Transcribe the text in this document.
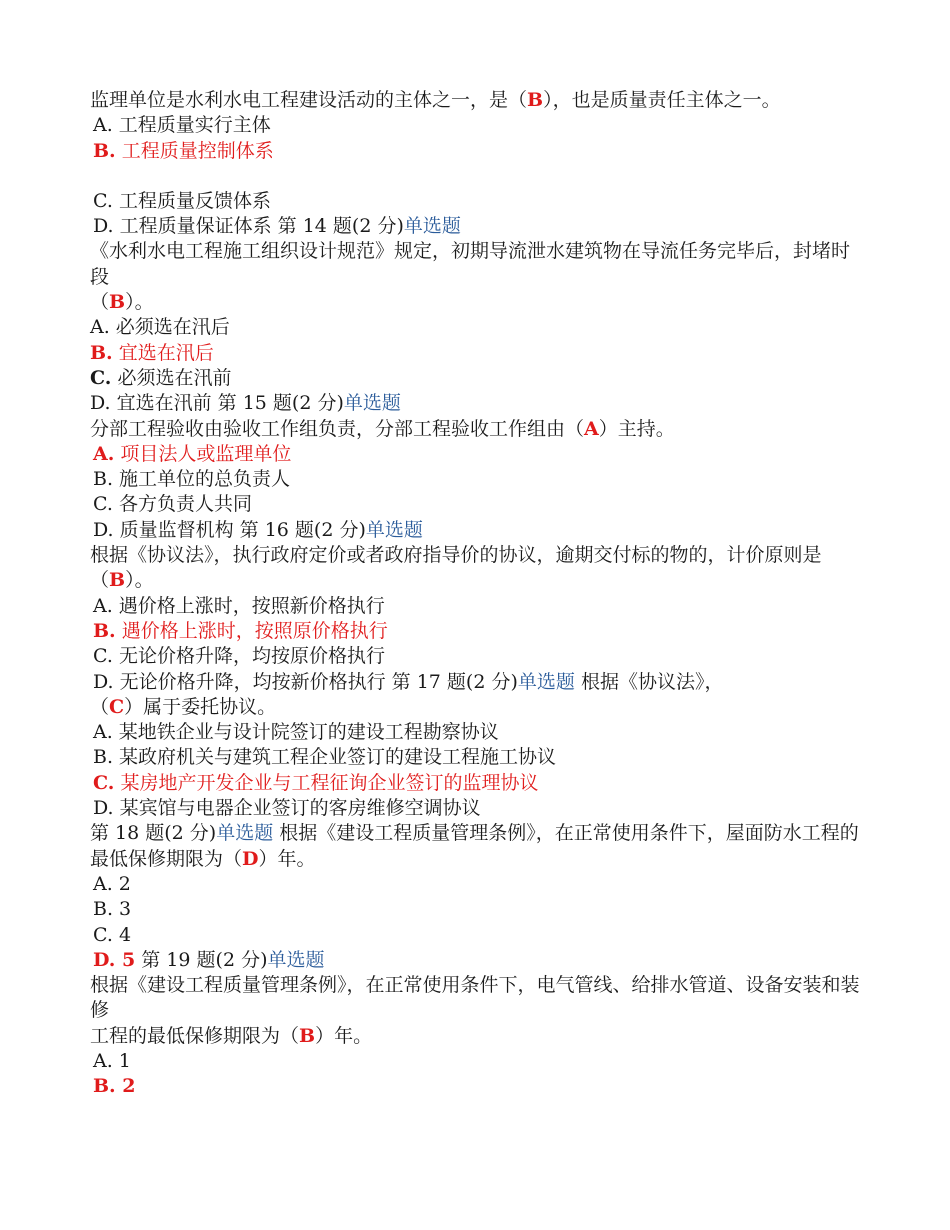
监理单位是水利水电工程建设活动的主体之一，是（B），也是质量责任主体之一。
A. 工程质量实行主体
B. 工程质量控制体系
C. 工程质量反馈体系
D. 工程质量保证体系 第 14 题(2 分)单选题
《水利水电工程施工组织设计规范》规定，初期导流泄水建筑物在导流任务完毕后，封堵时段
（B）。
A. 必须选在汛后
B. 宜选在汛后
C. 必须选在汛前
D. 宜选在汛前 第 15 题(2 分)单选题
分部工程验收由验收工作组负责，分部工程验收工作组由（A）主持。
A. 项目法人或监理单位
B. 施工单位的总负责人
C. 各方负责人共同
D. 质量监督机构 第 16 题(2 分)单选题
根据《协议法》，执行政府定价或者政府指导价的协议，逾期交付标的物的，计价原则是（B）。
A. 遇价格上涨时，按照新价格执行
B. 遇价格上涨时，按照原价格执行
C. 无论价格升降，均按原价格执行
D. 无论价格升降，均按新价格执行 第 17 题(2 分)单选题 根据《协议法》，
（C）属于委托协议。
A. 某地铁企业与设计院签订的建设工程勘察协议
B. 某政府机关与建筑工程企业签订的建设工程施工协议
C. 某房地产开发企业与工程征询企业签订的监理协议
D. 某宾馆与电器企业签订的客房维修空调协议
第 18 题(2 分)单选题 根据《建设工程质量管理条例》，在正常使用条件下，屋面防水工程的最低保修期限为（D）年。
A. 2
B. 3
C. 4
D. 5 第 19 题(2 分)单选题
根据《建设工程质量管理条例》，在正常使用条件下，电气管线、给排水管道、设备安装和装修
工程的最低保修期限为（B）年。
A. 1
B. 2
